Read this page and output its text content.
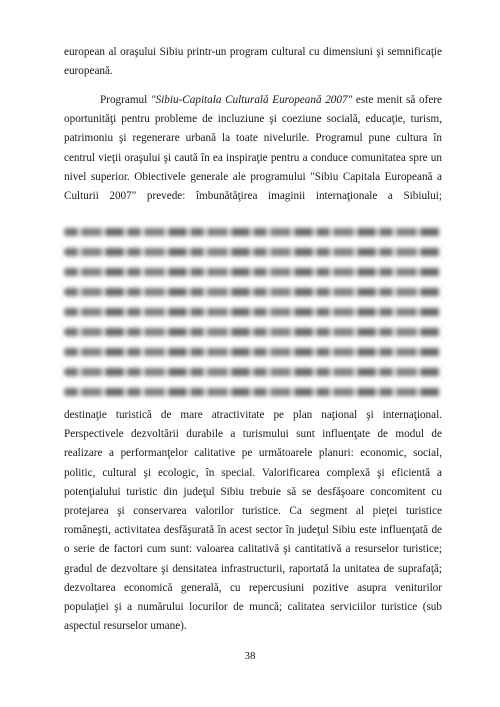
european al oraşului Sibiu printr-un program cultural cu dimensiuni şi semnificaţie
europeană.
Programul "Sibiu-Capitala Culturală Europeană 2007" este menit să ofere
oportunităţi pentru probleme de incluziune şi coeziune socială, educaţie, turism,
patrimoniu şi regenerare urbană la toate nivelurile. Programul pune cultura în
centrul vieţii oraşului şi caută în ea inspiraţie pentru a conduce comunitatea spre un
nivel superior. Obiectivele generale ale programului "Sibiu Capitala Europeană a
Culturii 2007" prevede: îmbunătăţirea imaginii internaţionale a Sibiului;
destinaţie turistică de mare atractivitate pe plan naţional şi internaţional.
Perspectivele dezvoltării durabile a turismului sunt influenţate de modul de
realizare a performanţelor calitative pe următoarele planuri: economic, social,
politic, cultural şi ecologic, în special. Valorificarea complexă şi eficientă a
potenţialului turistic din judeţul Sibiu trebuie să se desfăşoare concomitent cu
protejarea şi conservarea valorilor turistice. Ca segment al pieţei turistice
româneşti, activitatea desfăşurată în acest sector în judeţul Sibiu este influenţată de
o serie de factori cum sunt: valoarea calitativă şi cantitativă a resurselor turistice;
gradul de dezvoltare şi densitatea infrastructurii, raportată la unitatea de suprafaţă;
dezvoltarea economică generală, cu repercusiuni pozitive asupra veniturilor
populaţiei şi a numărului locurilor de muncă; calitatea serviciilor turistice (sub
aspectul resurselor umane).
38
